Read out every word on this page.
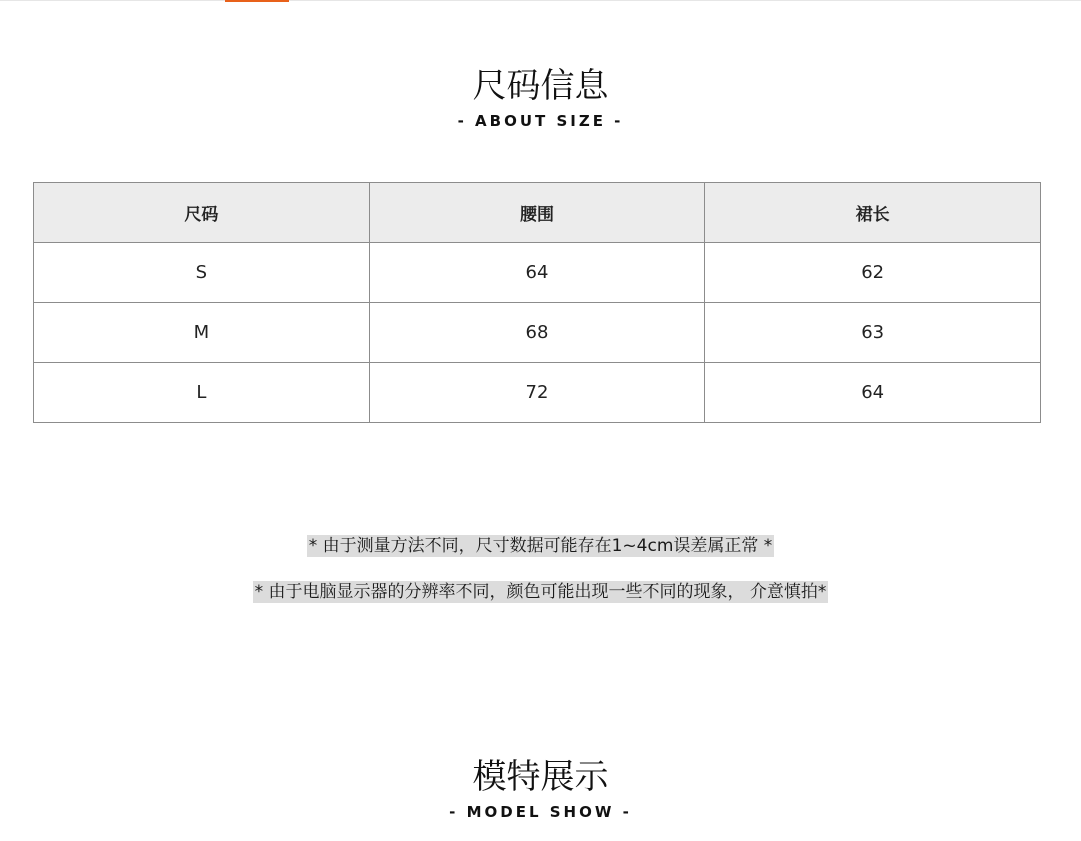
尺码信息
- ABOUT SIZE -
尺码	腰围	裙长
S	64	62
M	68	63
L	72	64
* 由于测量方法不同，尺寸数据可能存在1~4cm误差属正常 *
* 由于电脑显示器的分辨率不同，颜色可能出现一些不同的现象， 介意慎拍*
模特展示
- MODEL SHOW -
